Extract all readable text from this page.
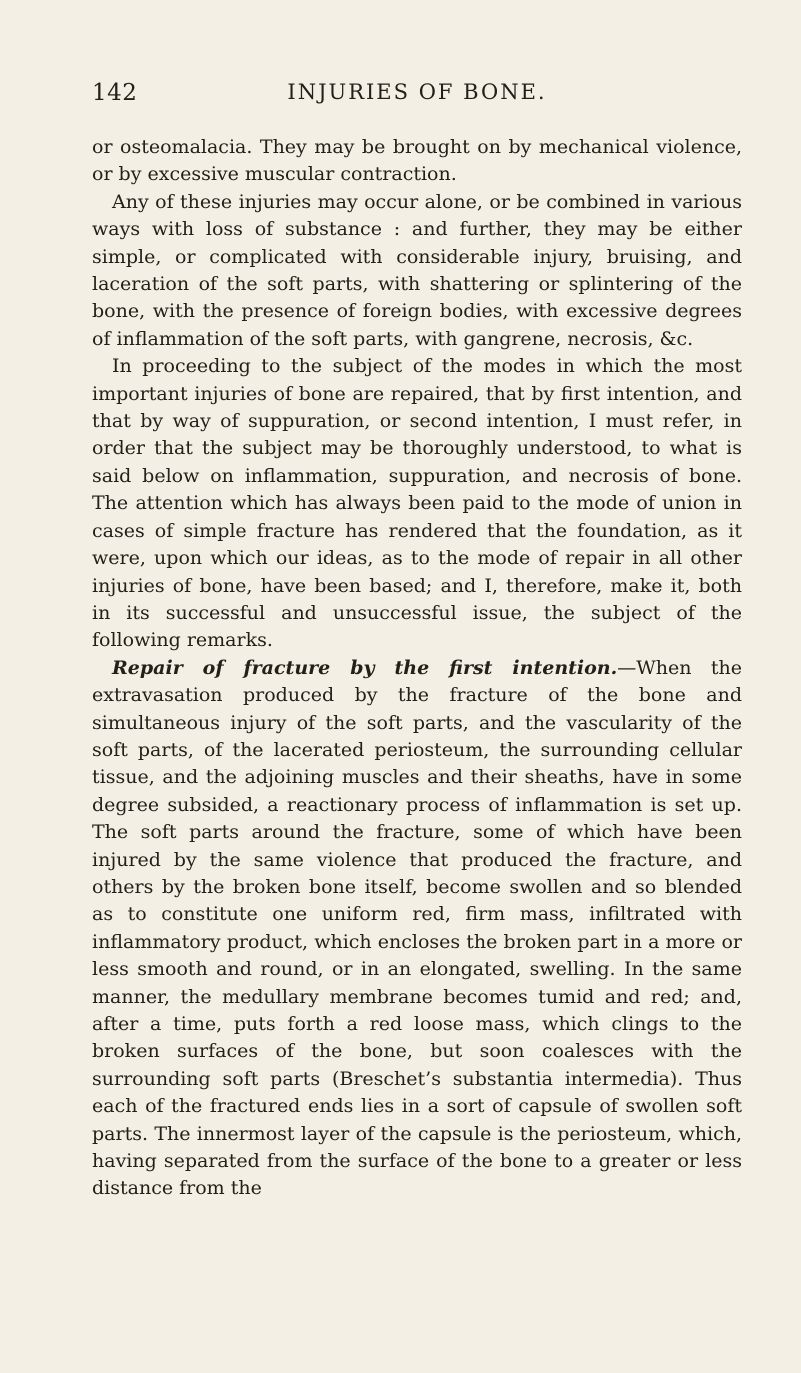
142	INJURIES OF BONE.

or osteomalacia. They may be brought on by mechanical violence, or by excessive muscular contraction.

Any of these injuries may occur alone, or be combined in various ways with loss of substance : and further, they may be either simple, or complicated with considerable injury, bruising, and laceration of the soft parts, with shattering or splintering of the bone, with the presence of foreign bodies, with excessive degrees of inflammation of the soft parts, with gangrene, necrosis, &c.

In proceeding to the subject of the modes in which the most important injuries of bone are repaired, that by first intention, and that by way of suppuration, or second intention, I must refer, in order that the subject may be thoroughly understood, to what is said below on inflammation, suppuration, and necrosis of bone. The attention which has always been paid to the mode of union in cases of simple fracture has rendered that the foundation, as it were, upon which our ideas, as to the mode of repair in all other injuries of bone, have been based; and I, therefore, make it, both in its successful and unsuccessful issue, the subject of the following remarks.

Repair of fracture by the first intention.—When the extravasation produced by the fracture of the bone and simultaneous injury of the soft parts, and the vascularity of the soft parts, of the lacerated periosteum, the surrounding cellular tissue, and the adjoining muscles and their sheaths, have in some degree subsided, a reactionary process of inflammation is set up. The soft parts around the fracture, some of which have been injured by the same violence that produced the fracture, and others by the broken bone itself, become swollen and so blended as to constitute one uniform red, firm mass, infiltrated with inflammatory product, which encloses the broken part in a more or less smooth and round, or in an elongated, swelling. In the same manner, the medullary membrane becomes tumid and red; and, after a time, puts forth a red loose mass, which clings to the broken surfaces of the bone, but soon coalesces with the surrounding soft parts (Breschet’s substantia intermedia). Thus each of the fractured ends lies in a sort of capsule of swollen soft parts. The innermost layer of the capsule is the periosteum, which, having separated from the surface of the bone to a greater or less distance from the
